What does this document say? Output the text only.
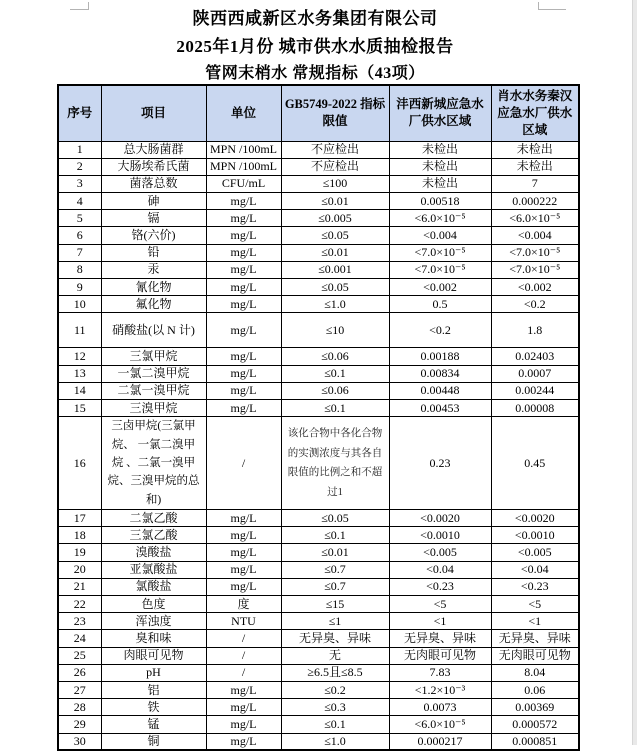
陕西西咸新区水务集团有限公司
2025年1月份 城市供水水质抽检报告
管网末梢水 常规指标（43项）
序号	项目	单位	GB5749-2022 指标限值	沣西新城应急水厂供水区域	肖水水务秦汉应急水厂供水区域
1	总大肠菌群	MPN /100mL	不应检出	未检出	未检出
2	大肠埃希氏菌	MPN /100mL	不应检出	未检出	未检出
3	菌落总数	CFU/mL	≤100	未检出	7
4	砷	mg/L	≤0.01	0.00518	0.000222
5	镉	mg/L	≤0.005	<6.0×10⁻⁵	<6.0×10⁻⁵
6	铬(六价)	mg/L	≤0.05	<0.004	<0.004
7	铅	mg/L	≤0.01	<7.0×10⁻⁵	<7.0×10⁻⁵
8	汞	mg/L	≤0.001	<7.0×10⁻⁵	<7.0×10⁻⁵
9	氰化物	mg/L	≤0.05	<0.002	<0.002
10	氟化物	mg/L	≤1.0	0.5	<0.2
11	硝酸盐(以 N 计)	mg/L	≤10	<0.2	1.8
12	三氯甲烷	mg/L	≤0.06	0.00188	0.02403
13	一氯二溴甲烷	mg/L	≤0.1	0.00834	0.0007
14	二氯一溴甲烷	mg/L	≤0.06	0.00448	0.00244
15	三溴甲烷	mg/L	≤0.1	0.00453	0.00008
16	三卤甲烷(三氯甲烷、 一氯二溴甲烷 、二氯一溴甲烷、三溴甲烷的总和)	/	该化合物中各化合物的实测浓度与其各自限值的比例之和不超过1	0.23	0.45
17	二氯乙酸	mg/L	≤0.05	<0.0020	<0.0020
18	三氯乙酸	mg/L	≤0.1	<0.0010	<0.0010
19	溴酸盐	mg/L	≤0.01	<0.005	<0.005
20	亚氯酸盐	mg/L	≤0.7	<0.04	<0.04
21	氯酸盐	mg/L	≤0.7	<0.23	<0.23
22	色度	度	≤15	<5	<5
23	浑浊度	NTU	≤1	<1	<1
24	臭和味	/	无异臭、异味	无异臭、异味	无异臭、异味
25	肉眼可见物	/	无	无肉眼可见物	无肉眼可见物
26	pH	/	≥6.5且≤8.5	7.83	8.04
27	铝	mg/L	≤0.2	<1.2×10⁻³	0.06
28	铁	mg/L	≤0.3	0.0073	0.00369
29	锰	mg/L	≤0.1	<6.0×10⁻⁵	0.000572
30	铜	mg/L	≤1.0	0.000217	0.000851
